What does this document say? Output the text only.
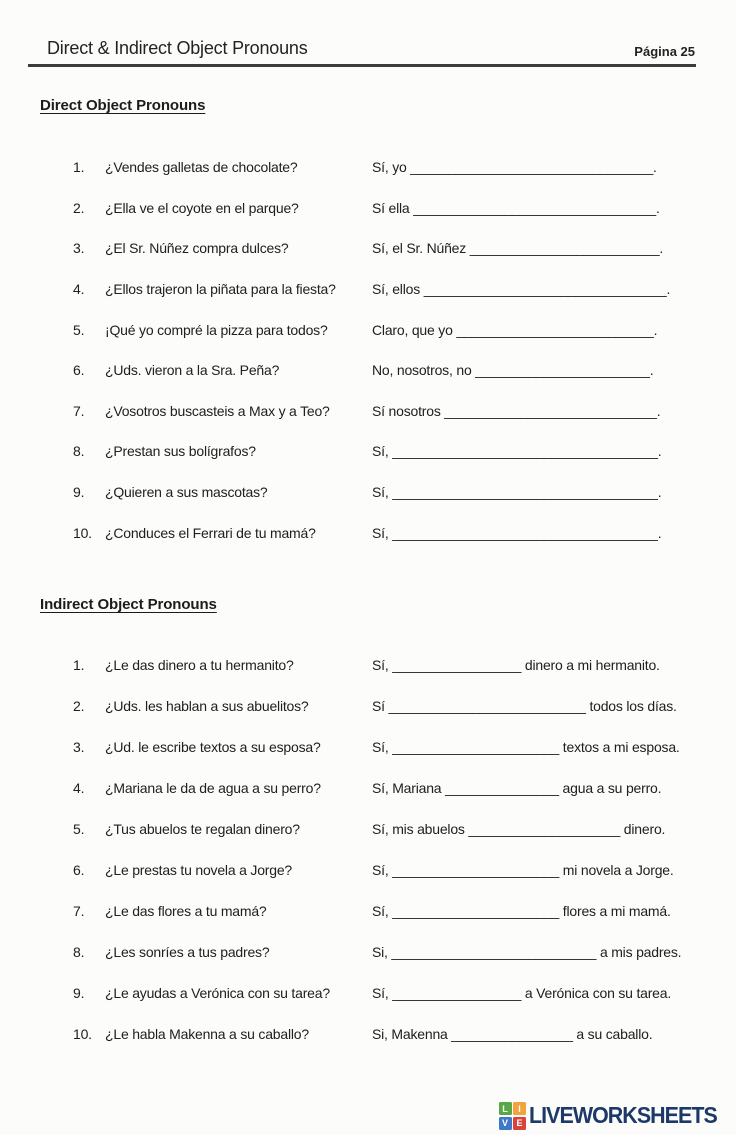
Direct & Indirect Object Pronouns	Página 25
Direct Object Pronouns
1. ¿Vendes galletas de chocolate?	Sí, yo ________________________________.
2. ¿Ella ve el coyote en el parque?	Sí ella ________________________________.
3. ¿El Sr. Núñez compra dulces?	Sí, el Sr. Núñez _________________________.
4. ¿Ellos trajeron la piñata para la fiesta?	Sí, ellos ________________________________.
5. ¡Qué yo compré la pizza para todos?	Claro, que yo __________________________.
6. ¿Uds. vieron a la Sra. Peña?	No, nosotros, no _______________________.
7. ¿Vosotros buscasteis a Max y a Teo?	Sí nosotros ____________________________.
8. ¿Prestan sus bolígrafos?	Sí, ___________________________________.
9. ¿Quieren a sus mascotas?	Sí, ___________________________________.
10. ¿Conduces el Ferrari de tu mamá?	Sí, ___________________________________.
Indirect Object Pronouns
1. ¿Le das dinero a tu hermanito?	Sí, _________________ dinero a mi hermanito.
2. ¿Uds. les hablan a sus abuelitos?	Sí __________________________ todos los días.
3. ¿Ud. le escribe textos a su esposa?	Sí, ______________________ textos a mi esposa.
4. ¿Mariana le da de agua a su perro?	Sí, Mariana _______________ agua a su perro.
5. ¿Tus abuelos te regalan dinero?	Sí, mis abuelos ____________________ dinero.
6. ¿Le prestas tu novela a Jorge?	Sí, ______________________ mi novela a Jorge.
7. ¿Le das flores a tu mamá?	Sí, ______________________ flores a mi mamá.
8. ¿Les sonríes a tus padres?	Si, ___________________________ a mis padres.
9. ¿Le ayudas a Verónica con su tarea?	Sí, _________________ a Verónica con su tarea.
10. ¿Le habla Makenna a su caballo?	Si, Makenna ________________ a su caballo.
L	I
V E LIVEWORKSHEETS
